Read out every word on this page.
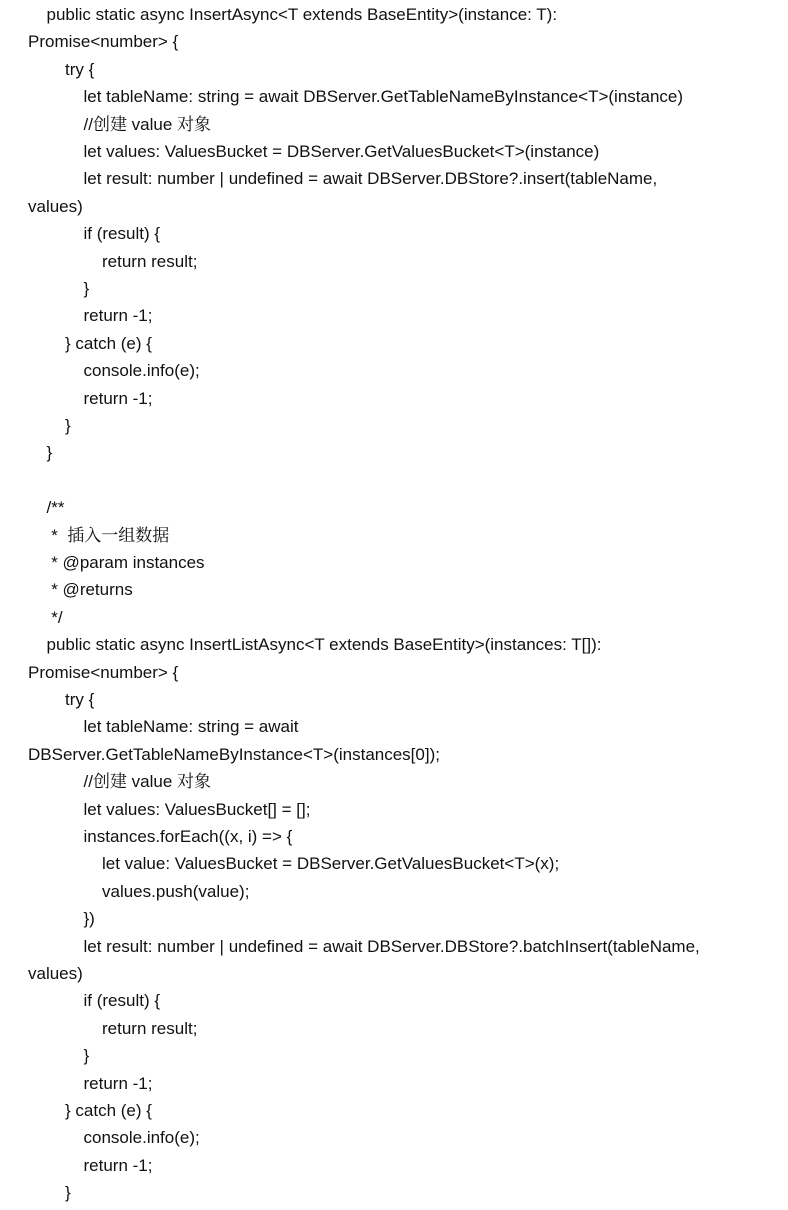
public static async InsertAsync<T extends BaseEntity>(instance: T):
Promise<number> {
try {
let tableName: string = await DBServer.GetTableNameByInstance<T>(instance)
//创建 value 对象
let values: ValuesBucket = DBServer.GetValuesBucket<T>(instance)
let result: number | undefined = await DBServer.DBStore?.insert(tableName,
values)
if (result) {
return result;
}
return -1;
} catch (e) {
console.info(e);
return -1;
}
}
/**
*  插入一组数据
* @param instances
* @returns
*/
public static async InsertListAsync<T extends BaseEntity>(instances: T[]):
Promise<number> {
try {
let tableName: string = await
DBServer.GetTableNameByInstance<T>(instances[0]);
//创建 value 对象
let values: ValuesBucket[] = [];
instances.forEach((x, i) => {
let value: ValuesBucket = DBServer.GetValuesBucket<T>(x);
values.push(value);
})
let result: number | undefined = await DBServer.DBStore?.batchInsert(tableName,
values)
if (result) {
return result;
}
return -1;
} catch (e) {
console.info(e);
return -1;
}
